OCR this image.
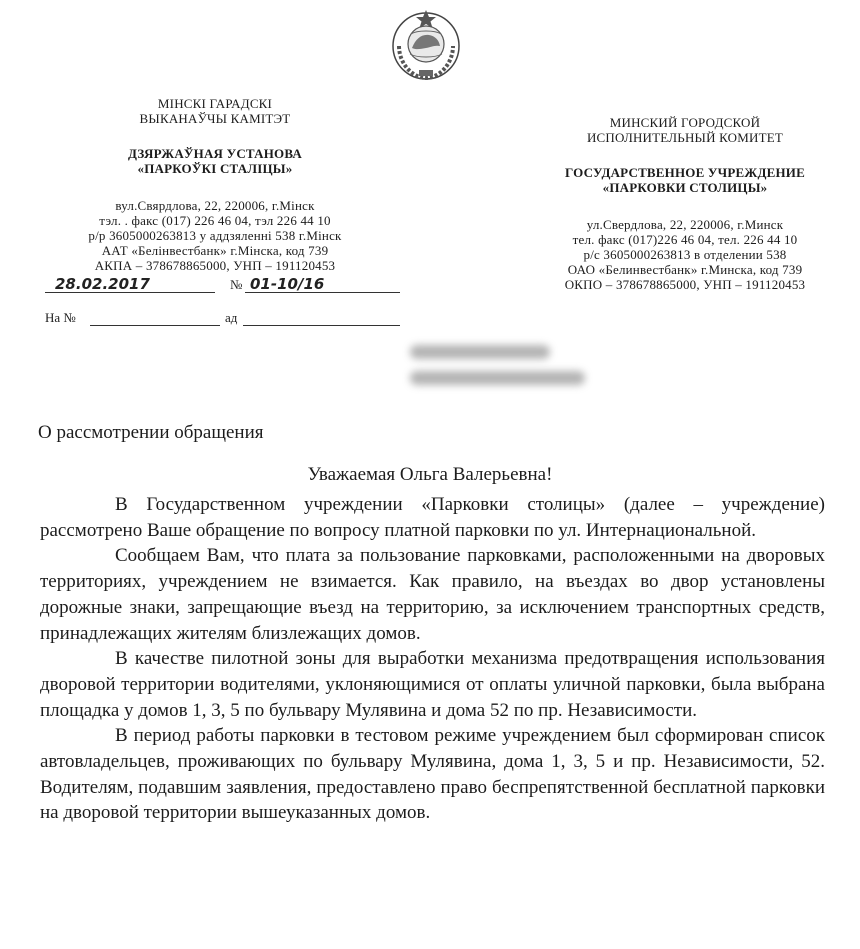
МІНСКІ ГАРАДСКІ
ВЫКАНАЎЧЫ КАМІТЭТ
ДЗЯРЖАЎНАЯ УСТАНОВА
«ПАРКОЎКІ СТАЛІЦЫ»
вул.Свярдлова, 22, 220006, г.Мінск
тэл. . факс (017) 226 46 04, тэл 226 44 10
р/р 3605000263813 у аддзяленні 538 г.Мінск
ААТ «Белінвестбанк» г.Мінска, код 739
АКПА – 378678865000, УНП – 191120453
МИНСКИЙ ГОРОДСКОЙ
ИСПОЛНИТЕЛЬНЫЙ КОМИТЕТ
ГОСУДАРСТВЕННОЕ УЧРЕЖДЕНИЕ
«ПАРКОВКИ СТОЛИЦЫ»
ул.Свердлова, 22, 220006, г.Минск
тел. факс (017)226 46 04, тел. 226 44 10
р/с 3605000263813 в отделении 538
ОАО «Белинвестбанк» г.Минска, код 739
ОКПО – 378678865000, УНП – 191120453
28.02.2017	№ 01-10/16
На №	ад
О рассмотрении обращения
Уважаемая Ольга Валерьевна!

В Государственном учреждении «Парковки столицы» (далее – учреждение) рассмотрено Ваше обращение по вопросу платной парковки по ул. Интернациональной.

Сообщаем Вам, что плата за пользование парковками, расположенными на дворовых территориях, учреждением не взимается. Как правило, на въездах во двор установлены дорожные знаки, запрещающие въезд на территорию, за исключением транспортных средств, принадлежащих жителям близлежащих домов.

В качестве пилотной зоны для выработки механизма предотвращения использования дворовой территории водителями, уклоняющимися от оплаты уличной парковки, была выбрана площадка у домов 1, 3, 5 по бульвару Мулявина и дома 52 по пр. Независимости.

В период работы парковки в тестовом режиме учреждением был сформирован список автовладельцев, проживающих по бульвару Мулявина, дома 1, 3, 5 и пр. Независимости, 52. Водителям, подавшим заявления, предоставлено право беспрепятственной бесплатной парковки на дворовой территории вышеуказанных домов.
